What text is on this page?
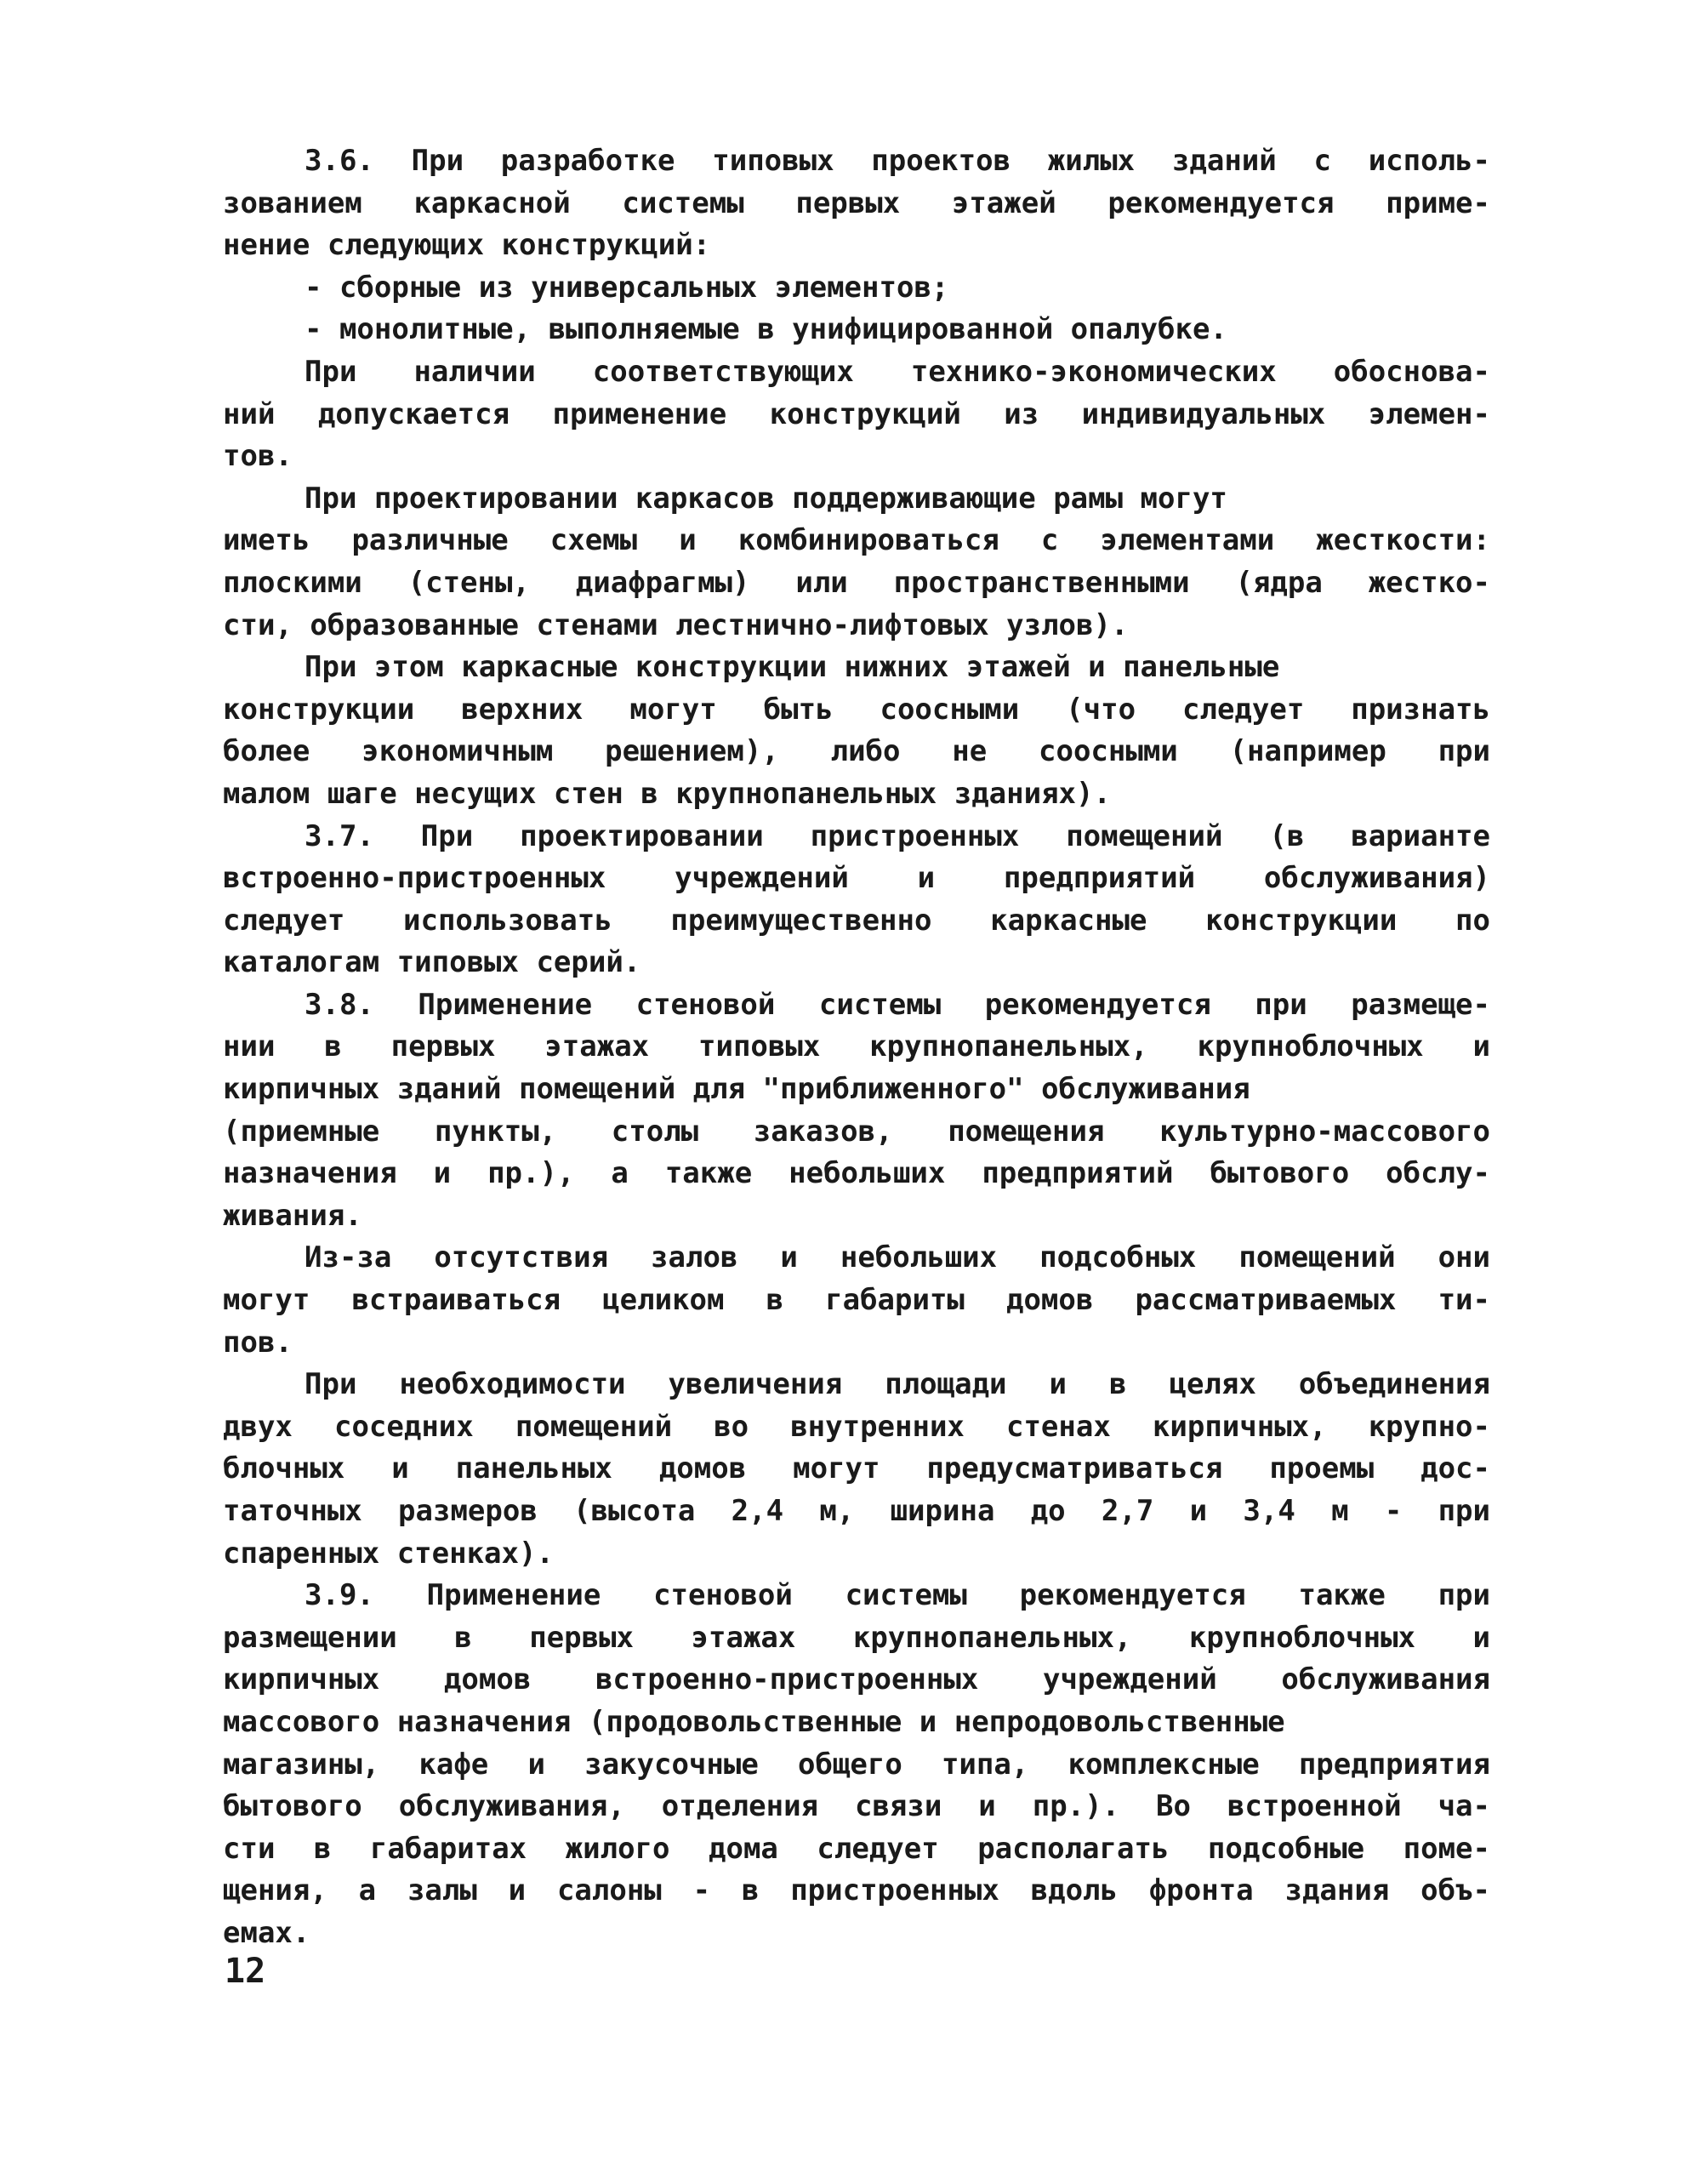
3.6. При разработке типовых проектов жилых зданий с исполь-
зованием каркасной системы первых этажей рекомендуется приме-
нение следующих конструкций:
- сборные из универсальных элементов;
- монолитные, выполняемые в унифицированной опалубке.
При наличии соответствующих технико-экономических обоснова-
ний допускается применение конструкций из индивидуальных элемен-
тов.
При проектировании каркасов поддерживающие рамы могут
иметь различные схемы и комбинироваться с элементами жесткости:
плоскими (стены, диафрагмы) или пространственными (ядра жестко-
сти, образованные стенами лестнично-лифтовых узлов).
При этом каркасные конструкции нижних этажей и панельные
конструкции верхних могут быть соосными (что следует признать
более экономичным решением), либо не соосными (например при
малом шаге несущих стен в крупнопанельных зданиях).
3.7. При проектировании пристроенных помещений (в варианте
встроенно-пристроенных учреждений и предприятий обслуживания)
следует использовать преимущественно каркасные конструкции по
каталогам типовых серий.
3.8. Применение стеновой системы рекомендуется при размеще-
нии в первых этажах типовых крупнопанельных, крупноблочных и
кирпичных зданий помещений для "приближенного" обслуживания
(приемные пункты, столы заказов, помещения культурно-массового
назначения и пр.), а также небольших предприятий бытового обслу-
живания.
Из-за отсутствия залов и небольших подсобных помещений они
могут встраиваться целиком в габариты домов рассматриваемых ти-
пов.
При необходимости увеличения площади и в целях объединения
двух соседних помещений во внутренних стенах кирпичных, крупно-
блочных и панельных домов могут предусматриваться проемы дос-
таточных размеров (высота 2,4 м, ширина до 2,7 и 3,4 м - при
спаренных стенках).
3.9. Применение стеновой системы рекомендуется также при
размещении в первых этажах крупнопанельных, крупноблочных и
кирпичных домов встроенно-пристроенных учреждений обслуживания
массового назначения (продовольственные и непродовольственные
магазины, кафе и закусочные общего типа, комплексные предприятия
бытового обслуживания, отделения связи и пр.). Во встроенной ча-
сти в габаритах жилого дома следует располагать подсобные поме-
щения, а залы и салоны - в пристроенных вдоль фронта здания объ-
емах.
12
